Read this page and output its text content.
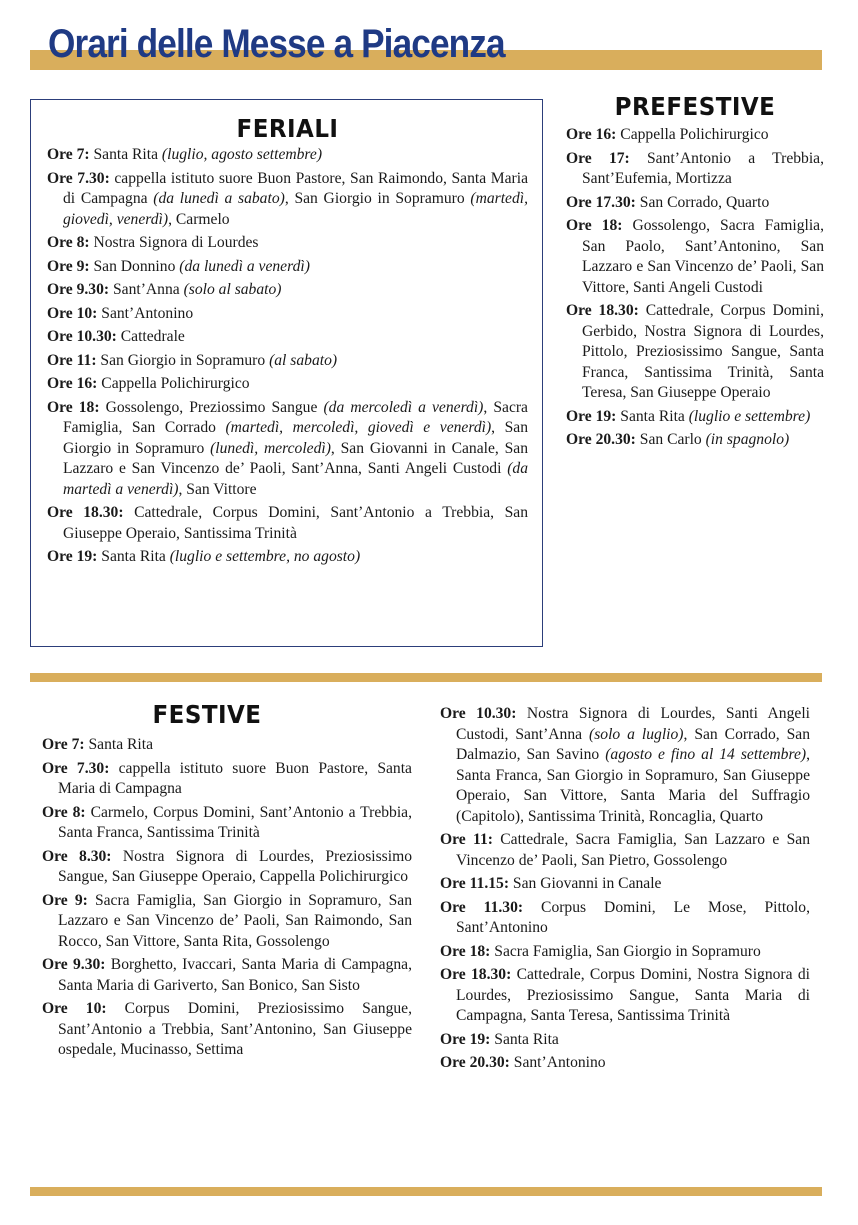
Orari delle Messe a Piacenza
FERIALI
Ore 7: Santa Rita (luglio, agosto settembre)
Ore 7.30: cappella istituto suore Buon Pastore, San Raimondo, Santa Maria di Campagna (da lunedì a sabato), San Giorgio in Sopramuro (martedì, giovedì, venerdì), Carmelo
Ore 8: Nostra Signora di Lourdes
Ore 9: San Donnino (da lunedì a venerdì)
Ore 9.30: Sant’Anna (solo al sabato)
Ore 10: Sant’Antonino
Ore 10.30: Cattedrale
Ore 11: San Giorgio in Sopramuro (al sabato)
Ore 16: Cappella Polichirurgico
Ore 18: Gossolengo, Preziossimo Sangue (da mercoledì a venerdì), Sacra Famiglia, San Corrado (martedì, mercoledì, giovedì e venerdì), San Giorgio in Sopramuro (lunedì, mercoledì), San Giovanni in Canale, San Lazzaro e San Vincenzo de’ Paoli, Sant’Anna, Santi Angeli Custodi (da martedì a venerdì), San Vittore
Ore 18.30: Cattedrale, Corpus Domini, Sant’Antonio a Trebbia, San Giuseppe Operaio, Santissima Trinità
Ore 19: Santa Rita (luglio e settembre, no agosto)
PREFESTIVE
Ore 16: Cappella Polichirurgico
Ore 17: Sant’Antonio a Trebbia, Sant’Eufemia, Mortizza
Ore 17.30: San Corrado, Quarto
Ore 18: Gossolengo, Sacra Famiglia, San Paolo, Sant’Antonino, San Lazzaro e San Vincenzo de’ Paoli, San Vittore, Santi Angeli Custodi
Ore 18.30: Cattedrale, Corpus Domini, Gerbido, Nostra Signora di Lourdes, Pittolo, Preziosissimo Sangue, Santa Franca, Santissima Trinità, Santa Teresa, San Giuseppe Operaio
Ore 19: Santa Rita (luglio e settembre)
Ore 20.30: San Carlo (in spagnolo)
FESTIVE
Ore 7: Santa Rita
Ore 7.30: cappella istituto suore Buon Pastore, Santa Maria di Campagna
Ore 8: Carmelo, Corpus Domini, Sant’Antonio a Trebbia, Santa Franca, Santissima Trinità
Ore 8.30: Nostra Signora di Lourdes, Preziosissimo Sangue, San Giuseppe Operaio, Cappella Polichirurgico
Ore 9: Sacra Famiglia, San Giorgio in Sopramuro, San Lazzaro e San Vincenzo de’ Paoli, San Raimondo, San Rocco, San Vittore, Santa Rita, Gossolengo
Ore 9.30: Borghetto, Ivaccari, Santa Maria di Campagna, Santa Maria di Gariverto, San Bonico, San Sisto
Ore 10: Corpus Domini, Preziosissimo Sangue, Sant’Antonio a Trebbia, Sant’Antonino, San Giuseppe ospedale, Mucinasso, Settima
Ore 10.30: Nostra Signora di Lourdes, Santi Angeli Custodi, Sant’Anna (solo a luglio), San Corrado, San Dalmazio, San Savino (agosto e fino al 14 settembre), Santa Franca, San Giorgio in Sopramuro, San Giuseppe Operaio, San Vittore, Santa Maria del Suffragio (Capitolo), Santissima Trinità, Roncaglia, Quarto
Ore 11: Cattedrale, Sacra Famiglia, San Lazzaro e San Vincenzo de’ Paoli, San Pietro, Gossolengo
Ore 11.15: San Giovanni in Canale
Ore 11.30: Corpus Domini, Le Mose, Pittolo, Sant’Antonino
Ore 18: Sacra Famiglia, San Giorgio in Sopramuro
Ore 18.30: Cattedrale, Corpus Domini, Nostra Signora di Lourdes, Preziosissimo Sangue, Santa Maria di Campagna, Santa Teresa, Santissima Trinità
Ore 19: Santa Rita
Ore 20.30: Sant’Antonino
